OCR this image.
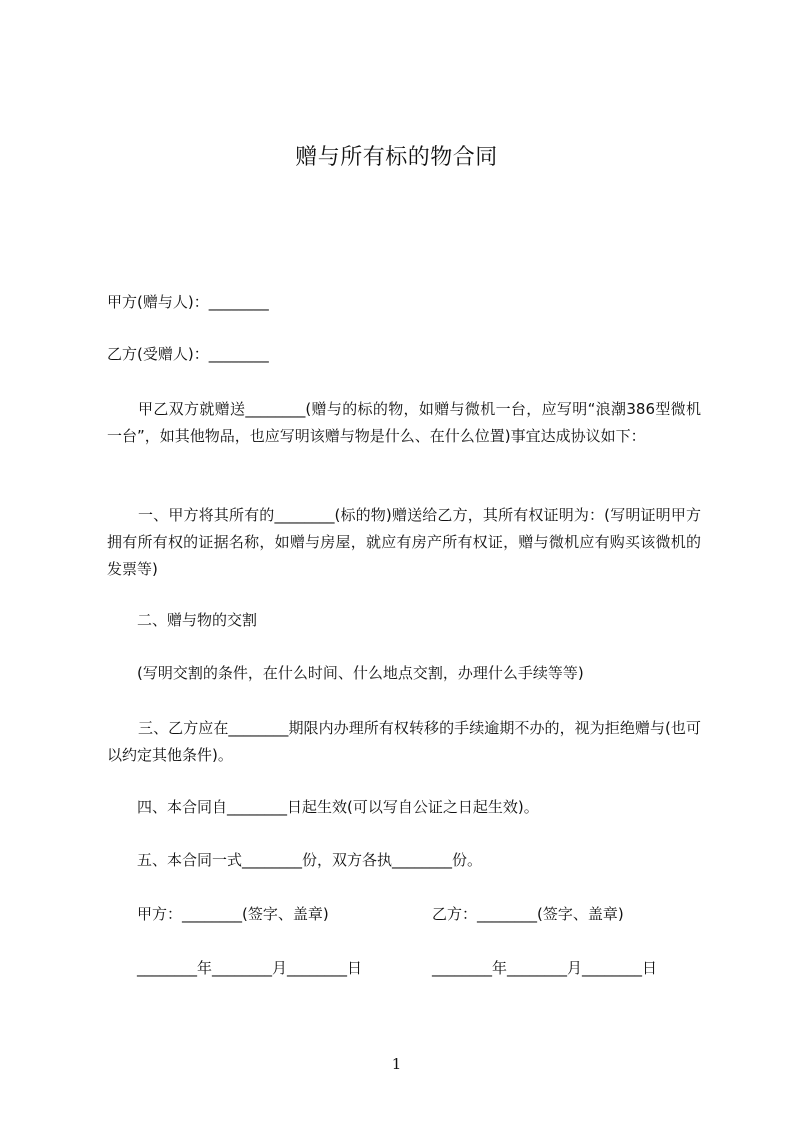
赠与所有标的物合同
甲方(赠与人)：________
乙方(受赠人)：________
甲乙双方就赠送________(赠与的标的物，如赠与微机一台，应写明“浪潮386型微机一台”，如其他物品，也应写明该赠与物是什么、在什么位置)事宜达成协议如下：
一、甲方将其所有的________(标的物)赠送给乙方，其所有权证明为：(写明证明甲方拥有所有权的证据名称，如赠与房屋，就应有房产所有权证，赠与微机应有购买该微机的发票等)
二、赠与物的交割
(写明交割的条件，在什么时间、什么地点交割，办理什么手续等等)
三、乙方应在________期限内办理所有权转移的手续逾期不办的，视为拒绝赠与(也可以约定其他条件)。
四、本合同自________日起生效(可以写自公证之日起生效)。
五、本合同一式________份，双方各执________份。
甲方：________(签字、盖章)	乙方：________(签字、盖章)
________年________月________日	________年________月________日
1
